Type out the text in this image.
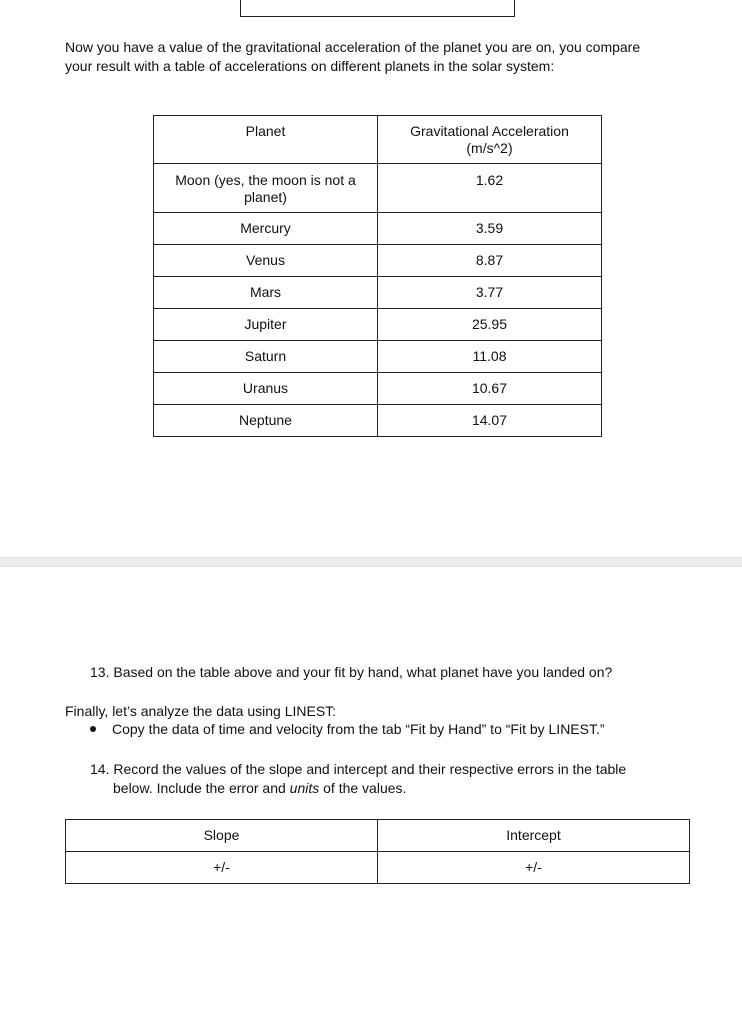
Now you have a value of the gravitational acceleration of the planet you are on, you compare
your result with a table of accelerations on different planets in the solar system:

Planet	Gravitational Acceleration
(m/s^2)
Moon (yes, the moon is not a
planet)	1.62
Mercury	3.59
Venus	8.87
Mars	3.77
Jupiter	25.95
Saturn	11.08
Uranus	10.67
Neptune	14.07

13. Based on the table above and your fit by hand, what planet have you landed on?

Finally, let’s analyze the data using LINEST:

Copy the data of time and velocity from the tab “Fit by Hand” to “Fit by LINEST.”

14. Record the values of the slope and intercept and their respective errors in the table
below. Include the error and units of the values.

Slope	Intercept
+/-	+/-
